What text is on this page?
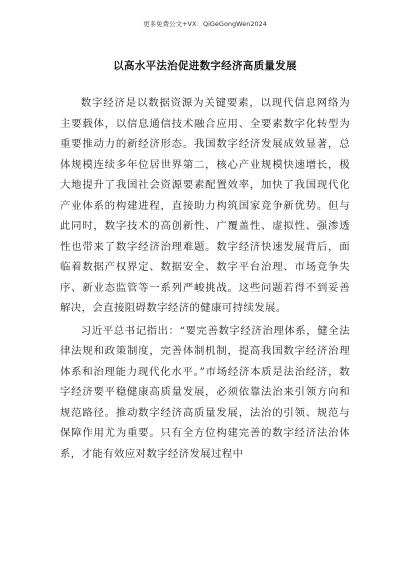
更多免费公文+VX：QiGeGongWen2024

以高水平法治促进数字经济高质量发展

数字经济是以数据资源为关键要素，以现代信息网络为主要载体，以信息通信技术融合应用、全要素数字化转型为重要推动力的新经济形态。我国数字经济发展成效显著，总体规模连续多年位居世界第二，核心产业规模快速增长，极大地提升了我国社会资源要素配置效率，加快了我国现代化产业体系的构建进程，直接助力构筑国家竞争新优势。但与此同时，数字技术的高创新性、广覆盖性、虚拟性、强渗透性也带来了数字经济治理难题。数字经济快速发展背后，面临着数据产权界定、数据安全、数字平台治理、市场竞争失序、新业态监管等一系列严峻挑战。这些问题若得不到妥善解决，会直接阻碍数字经济的健康可持续发展。

习近平总书记指出：“要完善数字经济治理体系，健全法律法规和政策制度，完善体制机制，提高我国数字经济治理体系和治理能力现代化水平。”市场经济本质是法治经济，数字经济要平稳健康高质量发展，必须依靠法治来引领方向和规范路径。推动数字经济高质量发展，法治的引领、规范与保障作用尤为重要。只有全方位构建完善的数字经济法治体系，才能有效应对数字经济发展过程中
